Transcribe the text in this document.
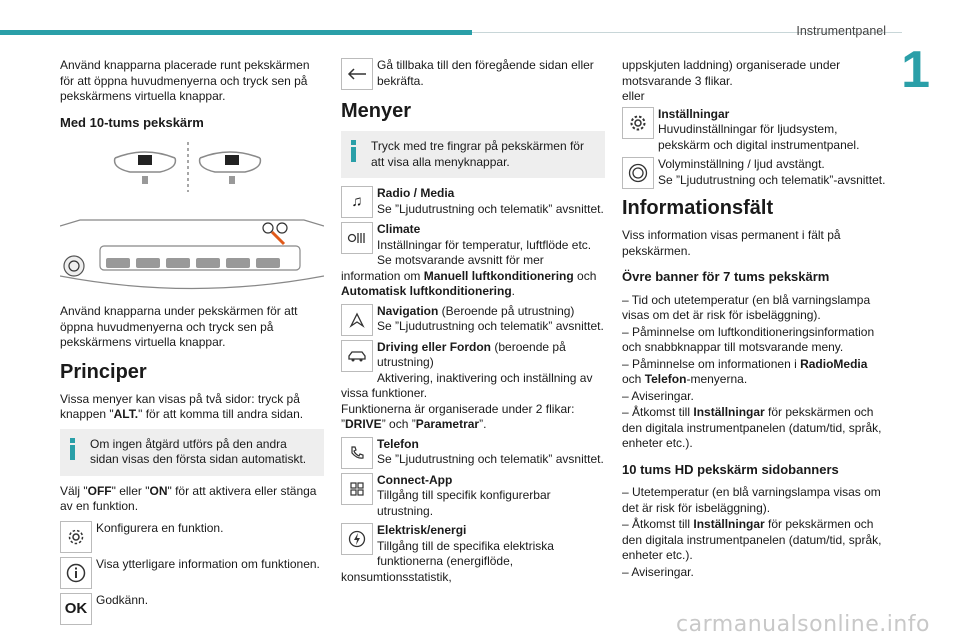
Instrumentpanel
1
carmanualsonline.info

Använd knapparna placerade runt pekskärmen för att öppna huvudmenyerna och tryck sen på pekskärmens virtuella knappar.

Med 10-tums pekskärm

Använd knapparna under pekskärmen för att öppna huvudmenyerna och tryck sen på pekskärmens virtuella knappar.

Principer

Vissa menyer kan visas på två sidor: tryck på knappen "ALT." för att komma till andra sidan.

Om ingen åtgärd utförs på den andra sidan visas den första sidan automatiskt.

Välj "OFF" eller "ON" för att aktivera eller stänga av en funktion.

Konfigurera en funktion.
Visa ytterligare information om funktionen.
OK
Godkänn.
Gå tillbaka till den föregående sidan eller bekräfta.
Menyer
Tryck med tre fingrar på pekskärmen för att visa alla menyknappar.
♫
Radio / Media
Se ”Ljudutrustning och telematik” avsnittet.
Climate
Inställningar för temperatur, luftflöde etc. Se motsvarande avsnitt för mer information om Manuell luftkonditionering och Automatisk luftkonditionering.
Navigation (Beroende på utrustning)
Se ”Ljudutrustning och telematik” avsnittet.
Driving eller Fordon (beroende på utrustning)
Aktivering, inaktivering och inställning av vissa funktioner.
Funktionerna är organiserade under 2 flikar: ”DRIVE” och ”Parametrar”.
Telefon
Se ”Ljudutrustning och telematik” avsnittet.
Connect-App
Tillgång till specifik konfigurerbar utrustning.
Elektrisk/energi
Tillgång till de specifika elektriska funktionerna (energiflöde, konsumtionsstatistik,

uppskjuten laddning) organiserade under motsvarande 3 flikar.

eller
Inställningar
Huvudinställningar för ljudsystem, pekskärm och digital instrumentpanel.
Volyminställning / ljud avstängt.
Se ”Ljudutrustning och telematik”-avsnittet.
Informationsfält

Viss information visas permanent i fält på pekskärmen.

Övre banner för 7 tums pekskärm
– Tid och utetemperatur (en blå varningslampa visas om det är risk för isbeläggning).
– Påminnelse om luftkonditioneringsinformation och snabbknappar till motsvarande meny.
– Påminnelse om informationen i RadioMedia och Telefon-menyerna.
– Aviseringar.
– Åtkomst till Inställningar för pekskärmen och den digitala instrumentpanelen (datum/tid, språk, enheter etc.).
10 tums HD pekskärm sidobanners
– Utetemperatur (en blå varningslampa visas om det är risk för isbeläggning).
– Åtkomst till Inställningar för pekskärmen och den digitala instrumentpanelen (datum/tid, språk, enheter etc.).
– Aviseringar.
